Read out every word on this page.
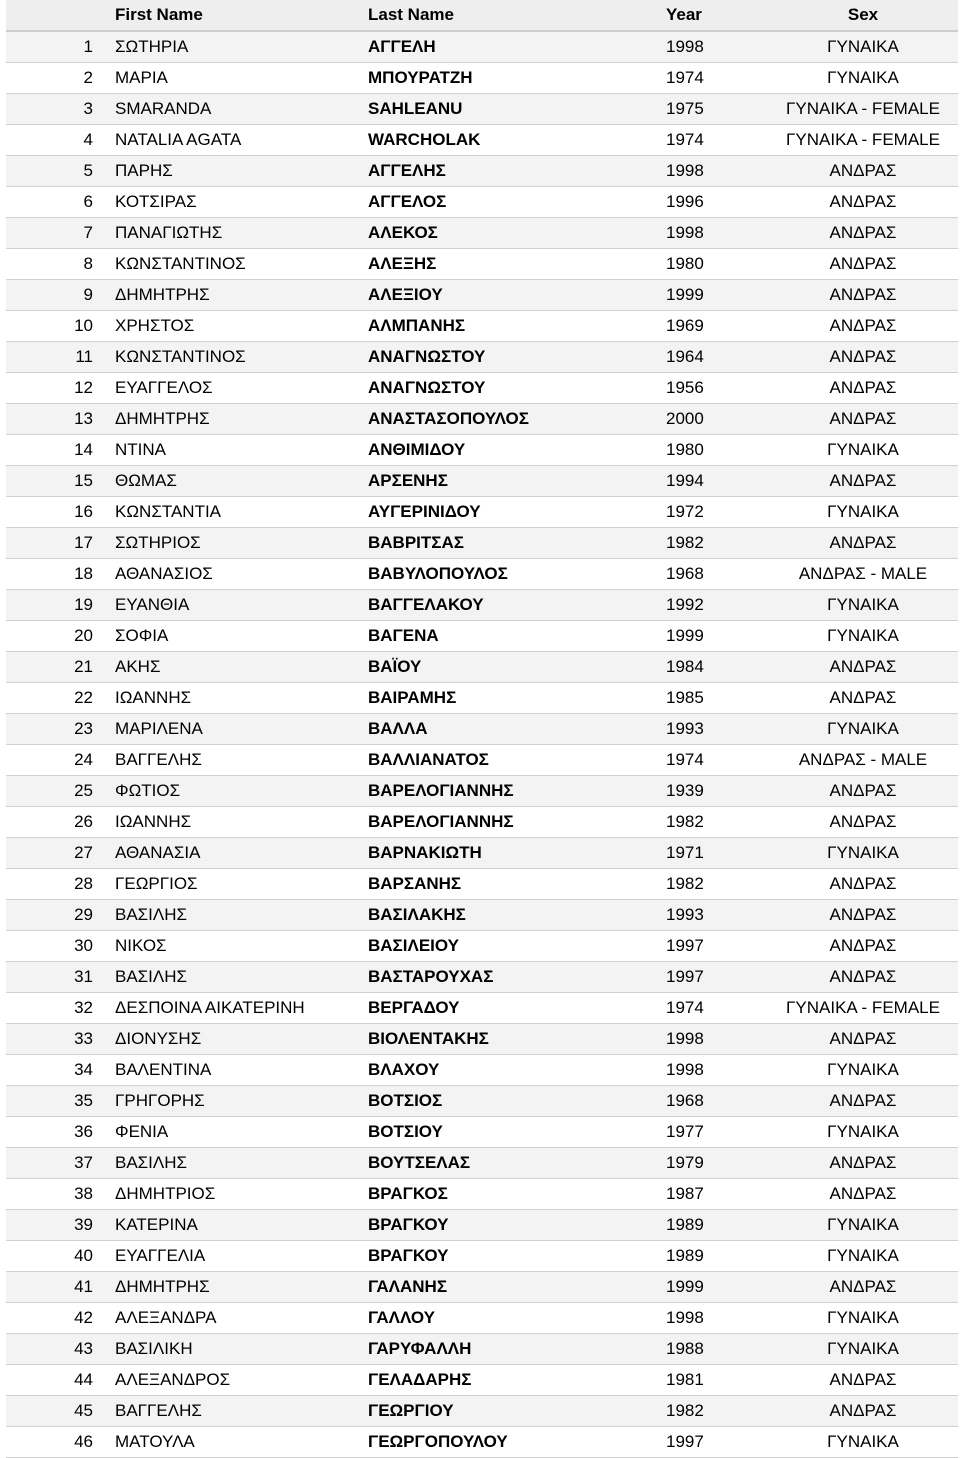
	First Name	Last Name	Year	Sex
1	ΣΩΤΗΡΙΑ	ΑΓΓΕΛΗ	1998	ΓΥΝΑΙΚΑ
2	ΜΑΡΙΑ	ΜΠΟΥΡΑΤΖΗ	1974	ΓΥΝΑΙΚΑ
3	SMARANDA	SAHLEANU	1975	ΓΥΝΑΙΚΑ - FEMALE
4	NATALIA AGATA	WARCHOLAK	1974	ΓΥΝΑΙΚΑ - FEMALE
5	ΠΑΡΗΣ	ΑΓΓΕΛΗΣ	1998	ΑΝΔΡΑΣ
6	ΚΟΤΣΙΡΑΣ	ΑΓΓΕΛΟΣ	1996	ΑΝΔΡΑΣ
7	ΠΑΝΑΓΙΩΤΗΣ	ΑΛΕΚΟΣ	1998	ΑΝΔΡΑΣ
8	ΚΩΝΣΤΑΝΤΙΝΟΣ	ΑΛΕΞΗΣ	1980	ΑΝΔΡΑΣ
9	ΔΗΜΗΤΡΗΣ	ΑΛΕΞΙΟΥ	1999	ΑΝΔΡΑΣ
10	ΧΡΗΣΤΟΣ	ΑΛΜΠΑΝΗΣ	1969	ΑΝΔΡΑΣ
11	ΚΩΝΣΤΑΝΤΙΝΟΣ	ΑΝΑΓΝΩΣΤΟΥ	1964	ΑΝΔΡΑΣ
12	ΕΥΑΓΓΕΛΟΣ	ΑΝΑΓΝΩΣΤΟΥ	1956	ΑΝΔΡΑΣ
13	ΔΗΜΗΤΡΗΣ	ΑΝΑΣΤΑΣΟΠΟΥΛΟΣ	2000	ΑΝΔΡΑΣ
14	ΝΤΙΝΑ	ΑΝΘΙΜΙΔΟΥ	1980	ΓΥΝΑΙΚΑ
15	ΘΩΜΑΣ	ΑΡΣΕΝΗΣ	1994	ΑΝΔΡΑΣ
16	ΚΩΝΣΤΑΝΤΙΑ	ΑΥΓΕΡΙΝΙΔΟΥ	1972	ΓΥΝΑΙΚΑ
17	ΣΩΤΗΡΙΟΣ	ΒΑΒΡΙΤΣΑΣ	1982	ΑΝΔΡΑΣ
18	ΑΘΑΝΑΣΙΟΣ	ΒΑΒΥΛΟΠΟΥΛΟΣ	1968	ΑΝΔΡΑΣ - MALE
19	ΕΥΑΝΘΙΑ	ΒΑΓΓΕΛΑΚΟΥ	1992	ΓΥΝΑΙΚΑ
20	ΣΟΦΙΑ	ΒΑΓΕΝΑ	1999	ΓΥΝΑΙΚΑ
21	ΑΚΗΣ	ΒΑΪΟΥ	1984	ΑΝΔΡΑΣ
22	ΙΩΑΝΝΗΣ	ΒΑΙΡΑΜΗΣ	1985	ΑΝΔΡΑΣ
23	ΜΑΡΙΛΕΝΑ	ΒΑΛΛΑ	1993	ΓΥΝΑΙΚΑ
24	ΒΑΓΓΕΛΗΣ	ΒΑΛΛΙΑΝΑΤΟΣ	1974	ΑΝΔΡΑΣ - MALE
25	ΦΩΤΙΟΣ	ΒΑΡΕΛΟΓΙΑΝΝΗΣ	1939	ΑΝΔΡΑΣ
26	ΙΩΑΝΝΗΣ	ΒΑΡΕΛΟΓΙΑΝΝΗΣ	1982	ΑΝΔΡΑΣ
27	ΑΘΑΝΑΣΙΑ	ΒΑΡΝΑΚΙΩΤΗ	1971	ΓΥΝΑΙΚΑ
28	ΓΕΩΡΓΙΟΣ	ΒΑΡΣΑΝΗΣ	1982	ΑΝΔΡΑΣ
29	ΒΑΣΙΛΗΣ	ΒΑΣΙΛΑΚΗΣ	1993	ΑΝΔΡΑΣ
30	ΝΙΚΟΣ	ΒΑΣΙΛΕΙΟΥ	1997	ΑΝΔΡΑΣ
31	ΒΑΣΙΛΗΣ	ΒΑΣΤΑΡΟΥΧΑΣ	1997	ΑΝΔΡΑΣ
32	ΔΕΣΠΟΙΝΑ ΑΙΚΑΤΕΡΙΝΗ	ΒΕΡΓΑΔΟΥ	1974	ΓΥΝΑΙΚΑ - FEMALE
33	ΔΙΟΝΥΣΗΣ	ΒΙΟΛΕΝΤΑΚΗΣ	1998	ΑΝΔΡΑΣ
34	ΒΑΛΕΝΤΙΝΑ	ΒΛΑΧΟΥ	1998	ΓΥΝΑΙΚΑ
35	ΓΡΗΓΟΡΗΣ	ΒΟΤΣΙΟΣ	1968	ΑΝΔΡΑΣ
36	ΦΕΝΙΑ	ΒΟΤΣΙΟΥ	1977	ΓΥΝΑΙΚΑ
37	ΒΑΣΙΛΗΣ	ΒΟΥΤΣΕΛΑΣ	1979	ΑΝΔΡΑΣ
38	ΔΗΜΗΤΡΙΟΣ	ΒΡΑΓΚΟΣ	1987	ΑΝΔΡΑΣ
39	ΚΑΤΕΡΙΝΑ	ΒΡΑΓΚΟΥ	1989	ΓΥΝΑΙΚΑ
40	ΕΥΑΓΓΕΛΙΑ	ΒΡΑΓΚΟΥ	1989	ΓΥΝΑΙΚΑ
41	ΔΗΜΗΤΡΗΣ	ΓΑΛΑΝΗΣ	1999	ΑΝΔΡΑΣ
42	ΑΛΕΞΑΝΔΡΑ	ΓΑΛΛΟΥ	1998	ΓΥΝΑΙΚΑ
43	ΒΑΣΙΛΙΚΗ	ΓΑΡΥΦΑΛΛΗ	1988	ΓΥΝΑΙΚΑ
44	ΑΛΕΞΑΝΔΡΟΣ	ΓΕΛΑΔΑΡΗΣ	1981	ΑΝΔΡΑΣ
45	ΒΑΓΓΕΛΗΣ	ΓΕΩΡΓΙΟΥ	1982	ΑΝΔΡΑΣ
46	ΜΑΤΟΥΛΑ	ΓΕΩΡΓΟΠΟΥΛΟΥ	1997	ΓΥΝΑΙΚΑ
